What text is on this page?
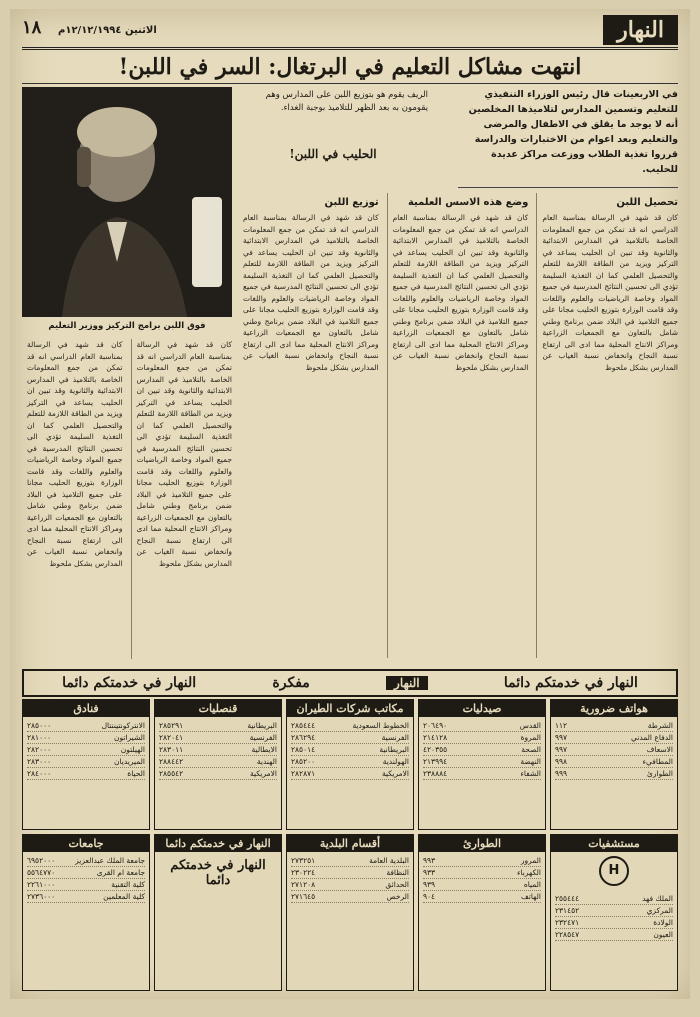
النهار
الاثنين ١٢/١٢/١٩٩٤م
١٨
انتهت مشاكل التعليم في البرتغال: السر في اللبن!
في الاربعينات قال رئيس الوزراء التنفيذي للتعليم وتسمين المدارس لتلاميذها المخلصين أنه لا يوجد ما يقلق في الاطفال والمرضى والتعليم وبعد اعوام من الاختبارات والدراسة قرروا تغذية الطلاب ووزعت مراكز عديدة للحليب.
فوق اللبن برامج التركيز ووزير التعليم
الريف يقوم هو بتوزيع اللبن على المدارس وهم يقومون به بعد الظهر للتلاميذ بوجبة الغداء.
الحليب في اللبن!
تحصيل اللبن
كان قد شهد في الرسالة بمناسبة العام الدراسي انه قد تمكن من جمع المعلومات الخاصة بالتلاميذ في المدارس الابتدائية والثانوية وقد تبين ان الحليب يساعد في التركيز ويزيد من الطاقة اللازمة للتعلم والتحصيل العلمي كما ان التغذية السليمة تؤدي الى تحسين النتائج المدرسية في جميع المواد وخاصة الرياضيات والعلوم واللغات وقد قامت الوزارة بتوزيع الحليب مجانا على جميع التلاميذ في البلاد ضمن برنامج وطني شامل بالتعاون مع الجمعيات الزراعية ومراكز الانتاج المحلية مما ادى الى ارتفاع نسبة النجاح وانخفاض نسبة الغياب عن المدارس بشكل ملحوظ
وضع هذه الاسس العلمية
كان قد شهد في الرسالة بمناسبة العام الدراسي انه قد تمكن من جمع المعلومات الخاصة بالتلاميذ في المدارس الابتدائية والثانوية وقد تبين ان الحليب يساعد في التركيز ويزيد من الطاقة اللازمة للتعلم والتحصيل العلمي كما ان التغذية السليمة تؤدي الى تحسين النتائج المدرسية في جميع المواد وخاصة الرياضيات والعلوم واللغات وقد قامت الوزارة بتوزيع الحليب مجانا على جميع التلاميذ في البلاد ضمن برنامج وطني شامل بالتعاون مع الجمعيات الزراعية ومراكز الانتاج المحلية مما ادى الى ارتفاع نسبة النجاح وانخفاض نسبة الغياب عن المدارس بشكل ملحوظ
توزيع اللبن
كان قد شهد في الرسالة بمناسبة العام الدراسي انه قد تمكن من جمع المعلومات الخاصة بالتلاميذ في المدارس الابتدائية والثانوية وقد تبين ان الحليب يساعد في التركيز ويزيد من الطاقة اللازمة للتعلم والتحصيل العلمي كما ان التغذية السليمة تؤدي الى تحسين النتائج المدرسية في جميع المواد وخاصة الرياضيات والعلوم واللغات وقد قامت الوزارة بتوزيع الحليب مجانا على جميع التلاميذ في البلاد ضمن برنامج وطني شامل بالتعاون مع الجمعيات الزراعية ومراكز الانتاج المحلية مما ادى الى ارتفاع نسبة النجاح وانخفاض نسبة الغياب عن المدارس بشكل ملحوظ
كان قد شهد في الرسالة بمناسبة العام الدراسي انه قد تمكن من جمع المعلومات الخاصة بالتلاميذ في المدارس الابتدائية والثانوية وقد تبين ان الحليب يساعد في التركيز ويزيد من الطاقة اللازمة للتعلم والتحصيل العلمي كما ان التغذية السليمة تؤدي الى تحسين النتائج المدرسية في جميع المواد وخاصة الرياضيات والعلوم واللغات وقد قامت الوزارة بتوزيع الحليب مجانا على جميع التلاميذ في البلاد ضمن برنامج وطني شامل بالتعاون مع الجمعيات الزراعية ومراكز الانتاج المحلية مما ادى الى ارتفاع نسبة النجاح وانخفاض نسبة الغياب عن المدارس بشكل ملحوظ
كان قد شهد في الرسالة بمناسبة العام الدراسي انه قد تمكن من جمع المعلومات الخاصة بالتلاميذ في المدارس الابتدائية والثانوية وقد تبين ان الحليب يساعد في التركيز ويزيد من الطاقة اللازمة للتعلم والتحصيل العلمي كما ان التغذية السليمة تؤدي الى تحسين النتائج المدرسية في جميع المواد وخاصة الرياضيات والعلوم واللغات وقد قامت الوزارة بتوزيع الحليب مجانا على جميع التلاميذ في البلاد ضمن برنامج وطني شامل بالتعاون مع الجمعيات الزراعية ومراكز الانتاج المحلية مما ادى الى ارتفاع نسبة النجاح وانخفاض نسبة الغياب عن المدارس بشكل ملحوظ
النهار في خدمتكم دائما
النهار
مفكرة
النهار في خدمتكم دائما
هواتف ضرورية
الشرطة
١١٢
الدفاع المدني
٩٩٧
الاسعاف
٩٩٧
المطافيء
٩٩٨
الطوارئ
٩٩٩
صيدليات
القدس
٢٠٦٤٩٠
المروة
٢١٤١٢٨
الصحة
٤٢٠٣٥٥
النهضة
٢١٣٩٩٤
الشفاء
٢٣٨٨٨٤
مكاتب شركات الطيران
الخطوط السعودية
٢٨٥٤٤٤
الفرنسية
٢٨٦٢٩٤
البريطانية
٢٨٥٠١٤
الهولندية
٢٨٥٢٠٠
الامريكية
٢٨٢٨٧١
قنصليات
البريطانية
٢٨٥٢٩١
الفرنسية
٢٨٢٠٤١
الايطالية
٢٨٣٠١١
الهندية
٢٨٨٤٤٢
الامريكية
٢٨٥٥٤٢
فنادق
الانتركونتيننتال
٢٨٥٠٠٠
الشيراتون
٢٨١٠٠٠
الهيلتون
٢٨٢٠٠٠
الميريديان
٢٨٣٠٠٠
الحياة
٢٨٤٠٠٠
مستشفيات
H
الملك فهد
٢٥٥٤٤٤
المركزي
٢٣١٤٥٢
الولادة
٢٣٢٤٧١
العيون
٢٢٨٥٤٧
الطوارئ
المرور
٩٩٣
الكهرباء
٩٣٣
المياه
٩٣٩
الهاتف
٩٠٤
أقسام البلدية
البلدية العامة
٢٧٣٢٥١
النظافة
٢٣٠٢٢٤
الحدائق
٢٧١٢٠٨
الرخص
٢٧١٦٤٥
النهار في خدمتكم دائما
النهار في خدمتكم دائما
جامعات
جامعة الملك عبدالعزيز
٦٩٥٢٠٠٠
جامعة ام القرى
٥٥٦٤٧٧٠
كلية التقنية
٢٢٦١٠٠٠
كلية المعلمين
٢٧٣٦٠٠٠
